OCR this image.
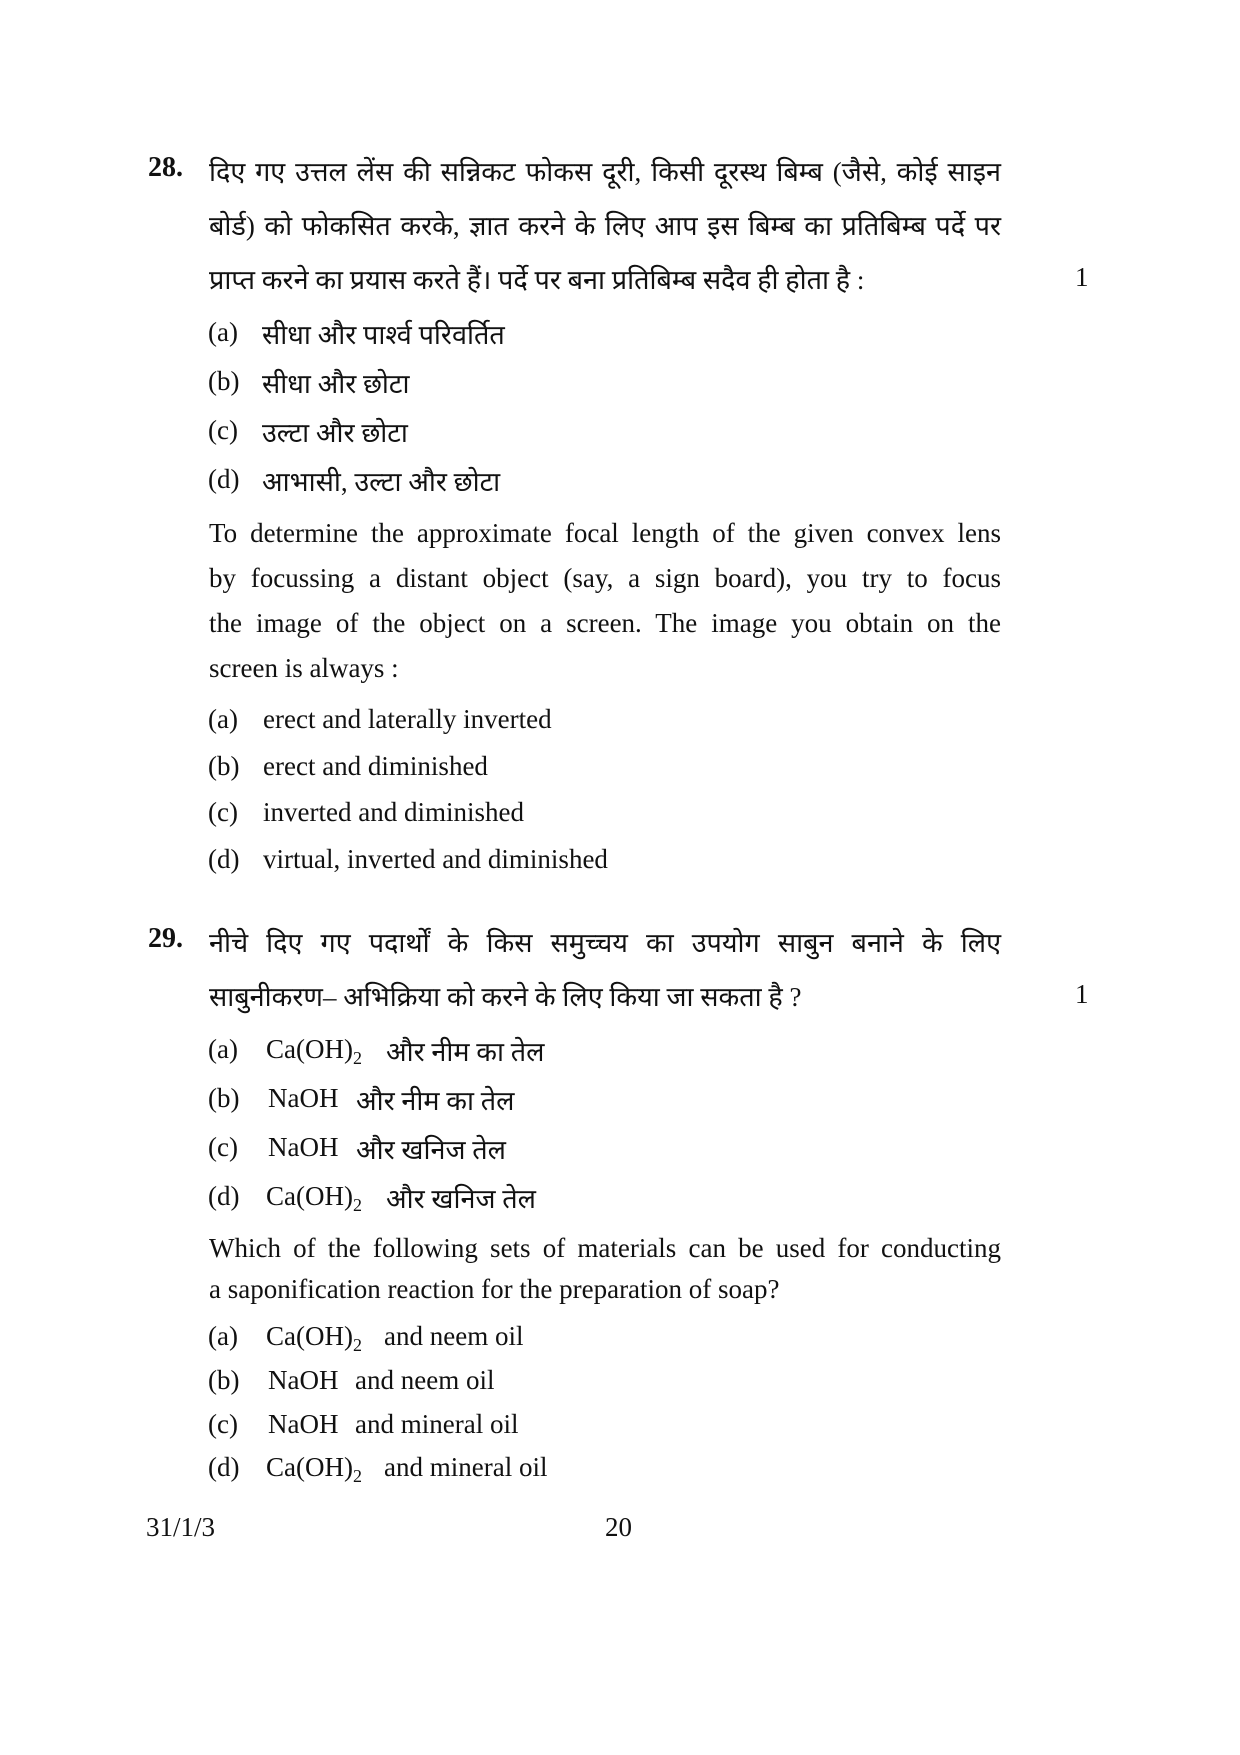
28. दिए गए उत्तल लेंस की सन्निकट फोकस दूरी, किसी दूरस्थ बिम्ब (जैसे, कोई साइन
बोर्ड) को फोकसित करके, ज्ञात करने के लिए आप इस बिम्ब का प्रतिबिम्ब पर्दे पर
प्राप्त करने का प्रयास करते हैं। पर्दे पर बना प्रतिबिम्ब सदैव ही होता है :	1
(a) सीधा और पार्श्व परिवर्तित
(b) सीधा और छोटा
(c) उल्टा और छोटा
(d) आभासी, उल्टा और छोटा
To determine the approximate focal length of the given convex lens
by focussing a distant object (say, a sign board), you try to focus
the image of the object on a screen. The image you obtain on the
screen is always :
(a) erect and laterally inverted
(b) erect and diminished
(c) inverted and diminished
(d) virtual, inverted and diminished
29. नीचे दिए गए पदार्थों के किस समुच्चय का उपयोग साबुन बनाने के लिए
साबुनीकरण– अभिक्रिया को करने के लिए किया जा सकता है ?	1
(a) $Ca(OH)_2$ और नीम का तेल
(b) NaOH और नीम का तेल
(c) NaOH और खनिज तेल
(d) $Ca(OH)_2$ और खनिज तेल
Which of the following sets of materials can be used for conducting
a saponification reaction for the preparation of soap?
(a) $Ca(OH)_2$ and neem oil
(b) NaOH and neem oil
(c) NaOH and mineral oil
(d) $Ca(OH)_2$ and mineral oil
31/1/3	20
